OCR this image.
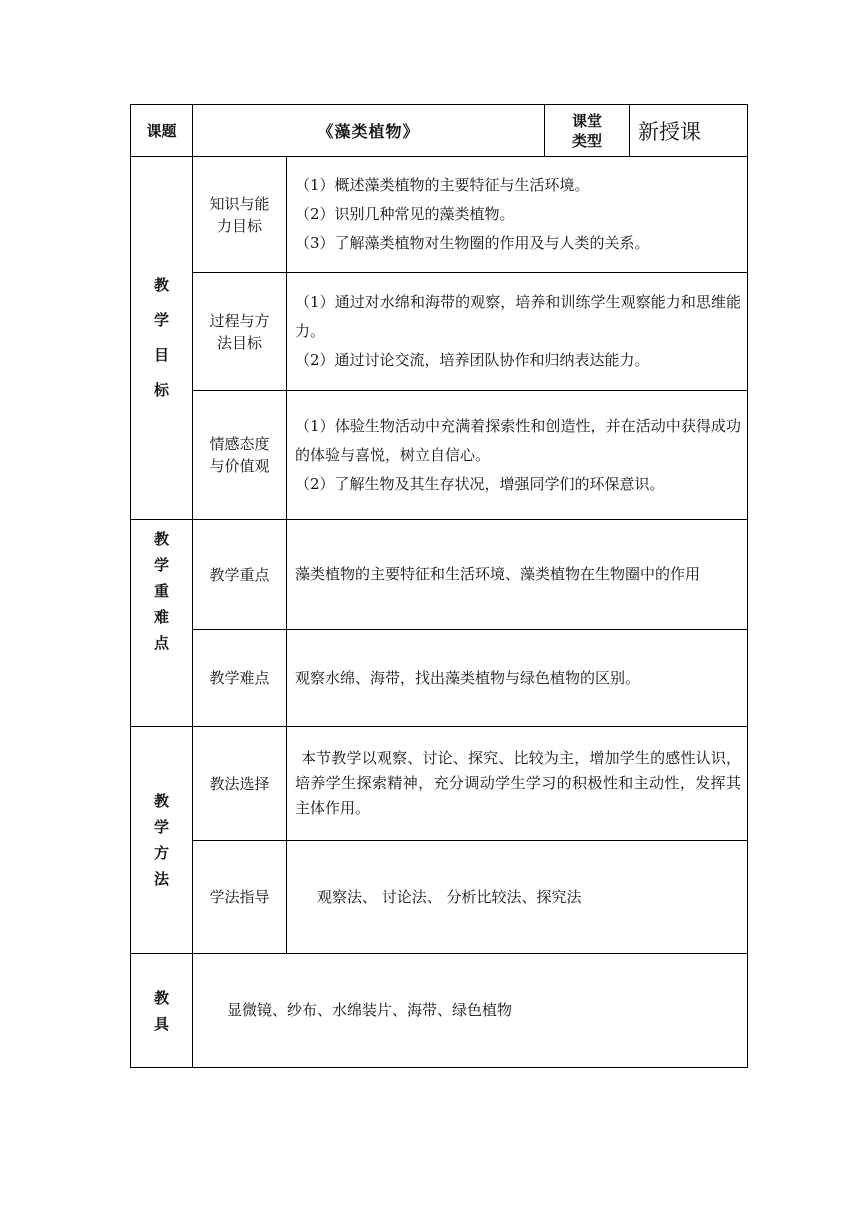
课题	《藻类植物》		课堂类型	新授课
教学目标	知识与能力目标	（1）概述藻类植物的主要特征与生活环境。

（2）识别几种常见的藻类植物。

（3）了解藻类植物对生物圈的作用及与人类的关系。		

	过程与方法目标	（1）通过对水绵和海带的观察，培养和训练学生观察能力和思维能力。

（2）通过讨论交流，培养团队协作和归纳表达能力。		

	情感态度与价值观	（1）体验生物活动中充满着探索性和创造性，并在活动中获得成功的体验与喜悦，树立自信心。

（2）了解生物及其生存状况，增强同学们的环保意识。		

教学重难点	教学重点	藻类植物的主要特征和生活环境、藻类植物在生物圈中的作用		
	教学难点	观察水绵、海带，找出藻类植物与绿色植物的区别。		
教学方法	教法选择	本节教学以观察、讨论、探究、比较为主，增加学生的感性认识，培养学生探索精神，充分调动学生学习的积极性和主动性，发挥其主体作用。		
	学法指导	观察法、 讨论法、 分析比较法、探究法		
教具	显微镜、纱布、水绵装片、海带、绿色植物			
